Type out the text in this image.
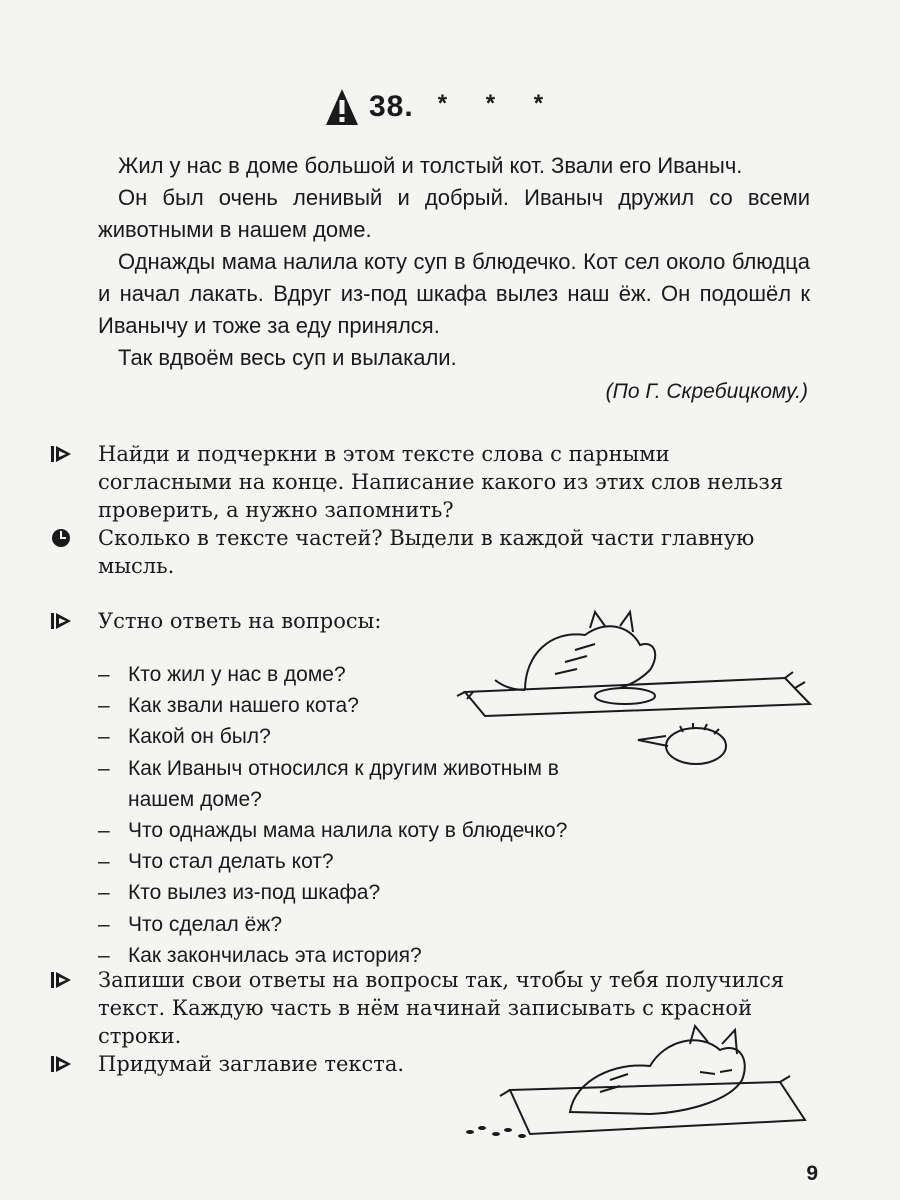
38. * * *

Жил у нас в доме большой и толстый кот. Звали его Иваныч.

Он был очень ленивый и добрый. Иваныч дружил со всеми животными в нашем доме.

Однажды мама налила коту суп в блюдечко. Кот сел около блюдца и начал лакать. Вдруг из-под шкафа вылез наш ёж. Он подошёл к Иванычу и тоже за еду принялся.

Так вдвоём весь суп и вылакали.

(По Г. Скребицкому.)
Найди и подчеркни в этом тексте слова с парными согласными на конце. Написание какого из этих слов нельзя проверить, а нужно запомнить?
Сколько в тексте частей? Выдели в каждой части главную мысль.
Устно ответь на вопросы:
– Кто жил у нас в доме?
– Как звали нашего кота?
– Какой он был?
– Как Иваныч относился к другим животным в нашем доме?
– Что однажды мама налила коту в блюдечко?
– Что стал делать кот?
– Кто вылез из-под шкафа?
– Что сделал ёж?
– Как закончилась эта история?
Запиши свои ответы на вопросы так, чтобы у тебя получился текст. Каждую часть в нём начинай записывать с красной строки.
Придумай заглавие текста.
9
